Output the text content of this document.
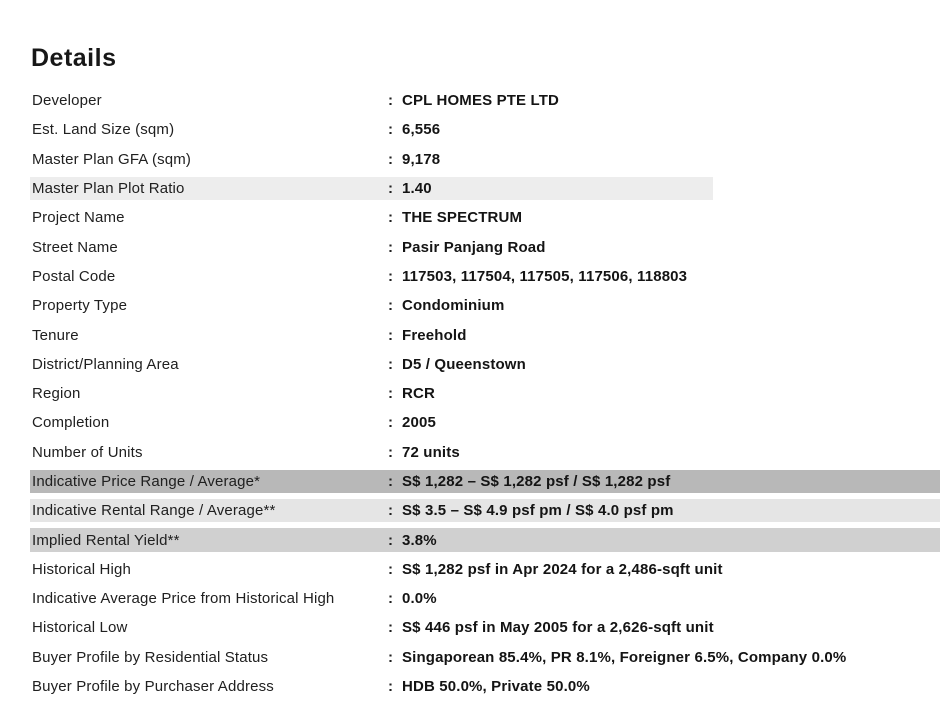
Details
Developer	: CPL HOMES PTE LTD
Est. Land Size (sqm)	: 6,556
Master Plan GFA (sqm)	: 9,178
Master Plan Plot Ratio	: 1.40
Project Name	: THE SPECTRUM
Street Name	: Pasir Panjang Road
Postal Code	: 117503, 117504, 117505, 117506, 118803
Property Type	: Condominium
Tenure	: Freehold
District/Planning Area	: D5 / Queenstown
Region	: RCR
Completion	: 2005
Number of Units	: 72 units
Indicative Price Range / Average*	: S$ 1,282 – S$ 1,282 psf / S$ 1,282 psf
Indicative Rental Range / Average**	: S$ 3.5 – S$ 4.9 psf pm / S$ 4.0 psf pm
Implied Rental Yield**	: 3.8%
Historical High	: S$ 1,282 psf in Apr 2024 for a 2,486-sqft unit
Indicative Average Price from Historical High	: 0.0%
Historical Low	: S$ 446 psf in May 2005 for a 2,626-sqft unit
Buyer Profile by Residential Status	: Singaporean 85.4%, PR 8.1%, Foreigner 6.5%, Company 0.0%
Buyer Profile by Purchaser Address	: HDB 50.0%, Private 50.0%
